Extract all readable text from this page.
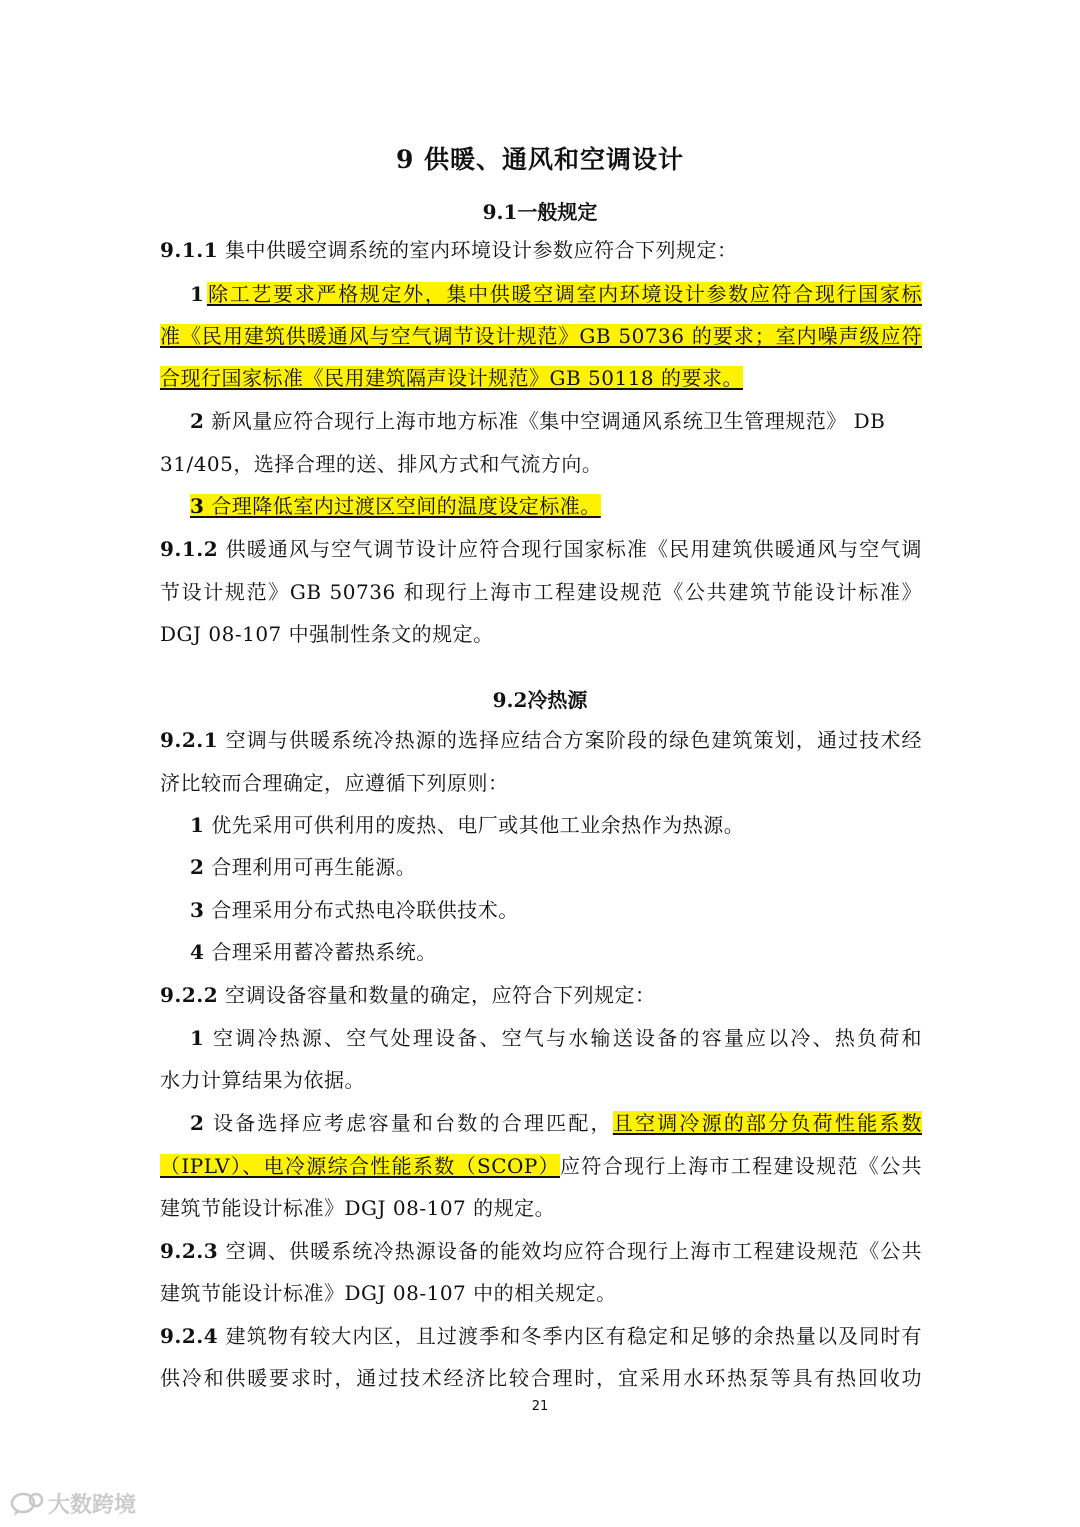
9 供暖、通风和空调设计
9.1一般规定
9.1.1 集中供暖空调系统的室内环境设计参数应符合下列规定：
1  除工艺要求严格规定外，集中供暖空调室内环境设计参数应符合现行国家标
准《民用建筑供暖通风与空气调节设计规范》GB 50736 的要求；室内噪声级应符
合现行国家标准《民用建筑隔声设计规范》GB 50118 的要求。
2 新风量应符合现行上海市地方标准《集中空调通风系统卫生管理规范》 DB
31/405，选择合理的送、排风方式和气流方向。
3 合理降低室内过渡区空间的温度设定标准。
9.1.2 供暖通风与空气调节设计应符合现行国家标准《民用建筑供暖通风与空气调
节设计规范》GB 50736 和现行上海市工程建设规范《公共建筑节能设计标准》
DGJ 08-107 中强制性条文的规定。
9.2冷热源
9.2.1 空调与供暖系统冷热源的选择应结合方案阶段的绿色建筑策划，通过技术经
济比较而合理确定，应遵循下列原则：
1 优先采用可供利用的废热、电厂或其他工业余热作为热源。
2 合理利用可再生能源。
3 合理采用分布式热电冷联供技术。
4 合理采用蓄冷蓄热系统。
9.2.2 空调设备容量和数量的确定，应符合下列规定：
1 空调冷热源、空气处理设备、空气与水输送设备的容量应以冷、热负荷和
水力计算结果为依据。
2 设备选择应考虑容量和台数的合理匹配，且空调冷源的部分负荷性能系数
（IPLV）、电冷源综合性能系数（SCOP）应符合现行上海市工程建设规范《公共
建筑节能设计标准》DGJ 08-107 的规定。
9.2.3 空调、供暖系统冷热源设备的能效均应符合现行上海市工程建设规范《公共
建筑节能设计标准》DGJ 08-107 中的相关规定。
9.2.4 建筑物有较大内区，且过渡季和冬季内区有稳定和足够的余热量以及同时有
供冷和供暖要求时，通过技术经济比较合理时，宜采用水环热泵等具有热回收功
21
大数跨境
